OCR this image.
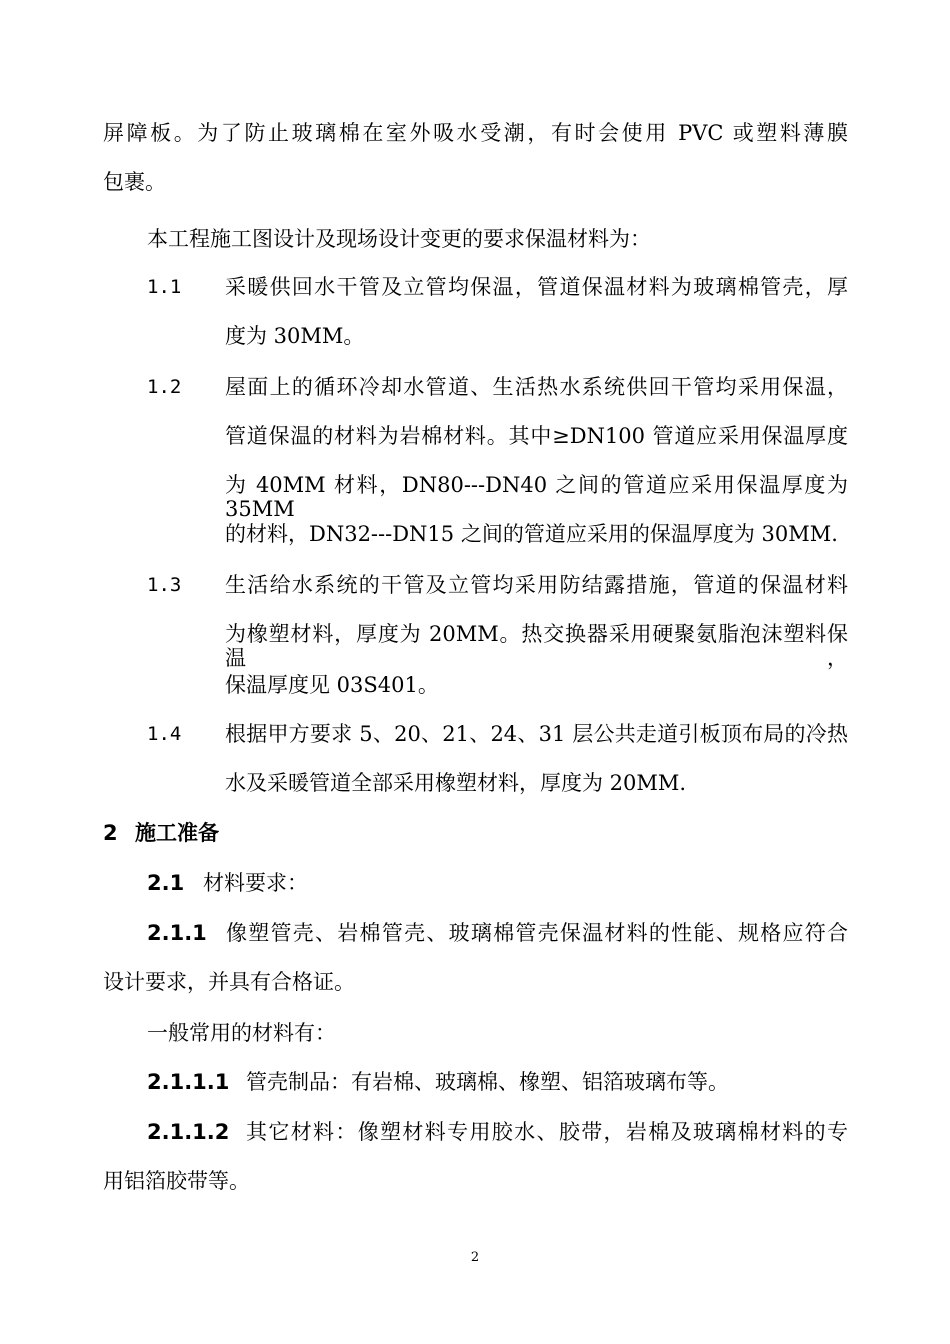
屏障板。为了防止玻璃棉在室外吸水受潮，有时会使用 PVC 或塑料薄膜
包裹。
本工程施工图设计及现场设计变更的要求保温材料为：
1.1 采暖供回水干管及立管均保温，管道保温材料为玻璃棉管壳，厚
度为 30MM。
1.2 屋面上的循环冷却水管道、生活热水系统供回干管均采用保温，
管道保温的材料为岩棉材料。其中≥DN100 管道应采用保温厚度
为 40MM 材料，DN80---DN40 之间的管道应采用保温厚度为 35MM
的材料，DN32---DN15 之间的管道应采用的保温厚度为 30MM.
1.3 生活给水系统的干管及立管均采用防结露措施，管道的保温材料
为橡塑材料，厚度为 20MM。热交换器采用硬聚氨脂泡沫塑料保温，
保温厚度见 03S401。
1.4 根据甲方要求 5、20、21、24、31 层公共走道引板顶布局的冷热
水及采暖管道全部采用橡塑材料，厚度为 20MM.
2 施工准备
2.1 材料要求：
2.1.1 像塑管壳、岩棉管壳、玻璃棉管壳保温材料的性能、规格应符合
设计要求，并具有合格证。
一般常用的材料有：
2.1.1.1 管壳制品：有岩棉、玻璃棉、橡塑、铝箔玻璃布等。
2.1.1.2 其它材料：像塑材料专用胶水、胶带，岩棉及玻璃棉材料的专
用铝箔胶带等。
2
